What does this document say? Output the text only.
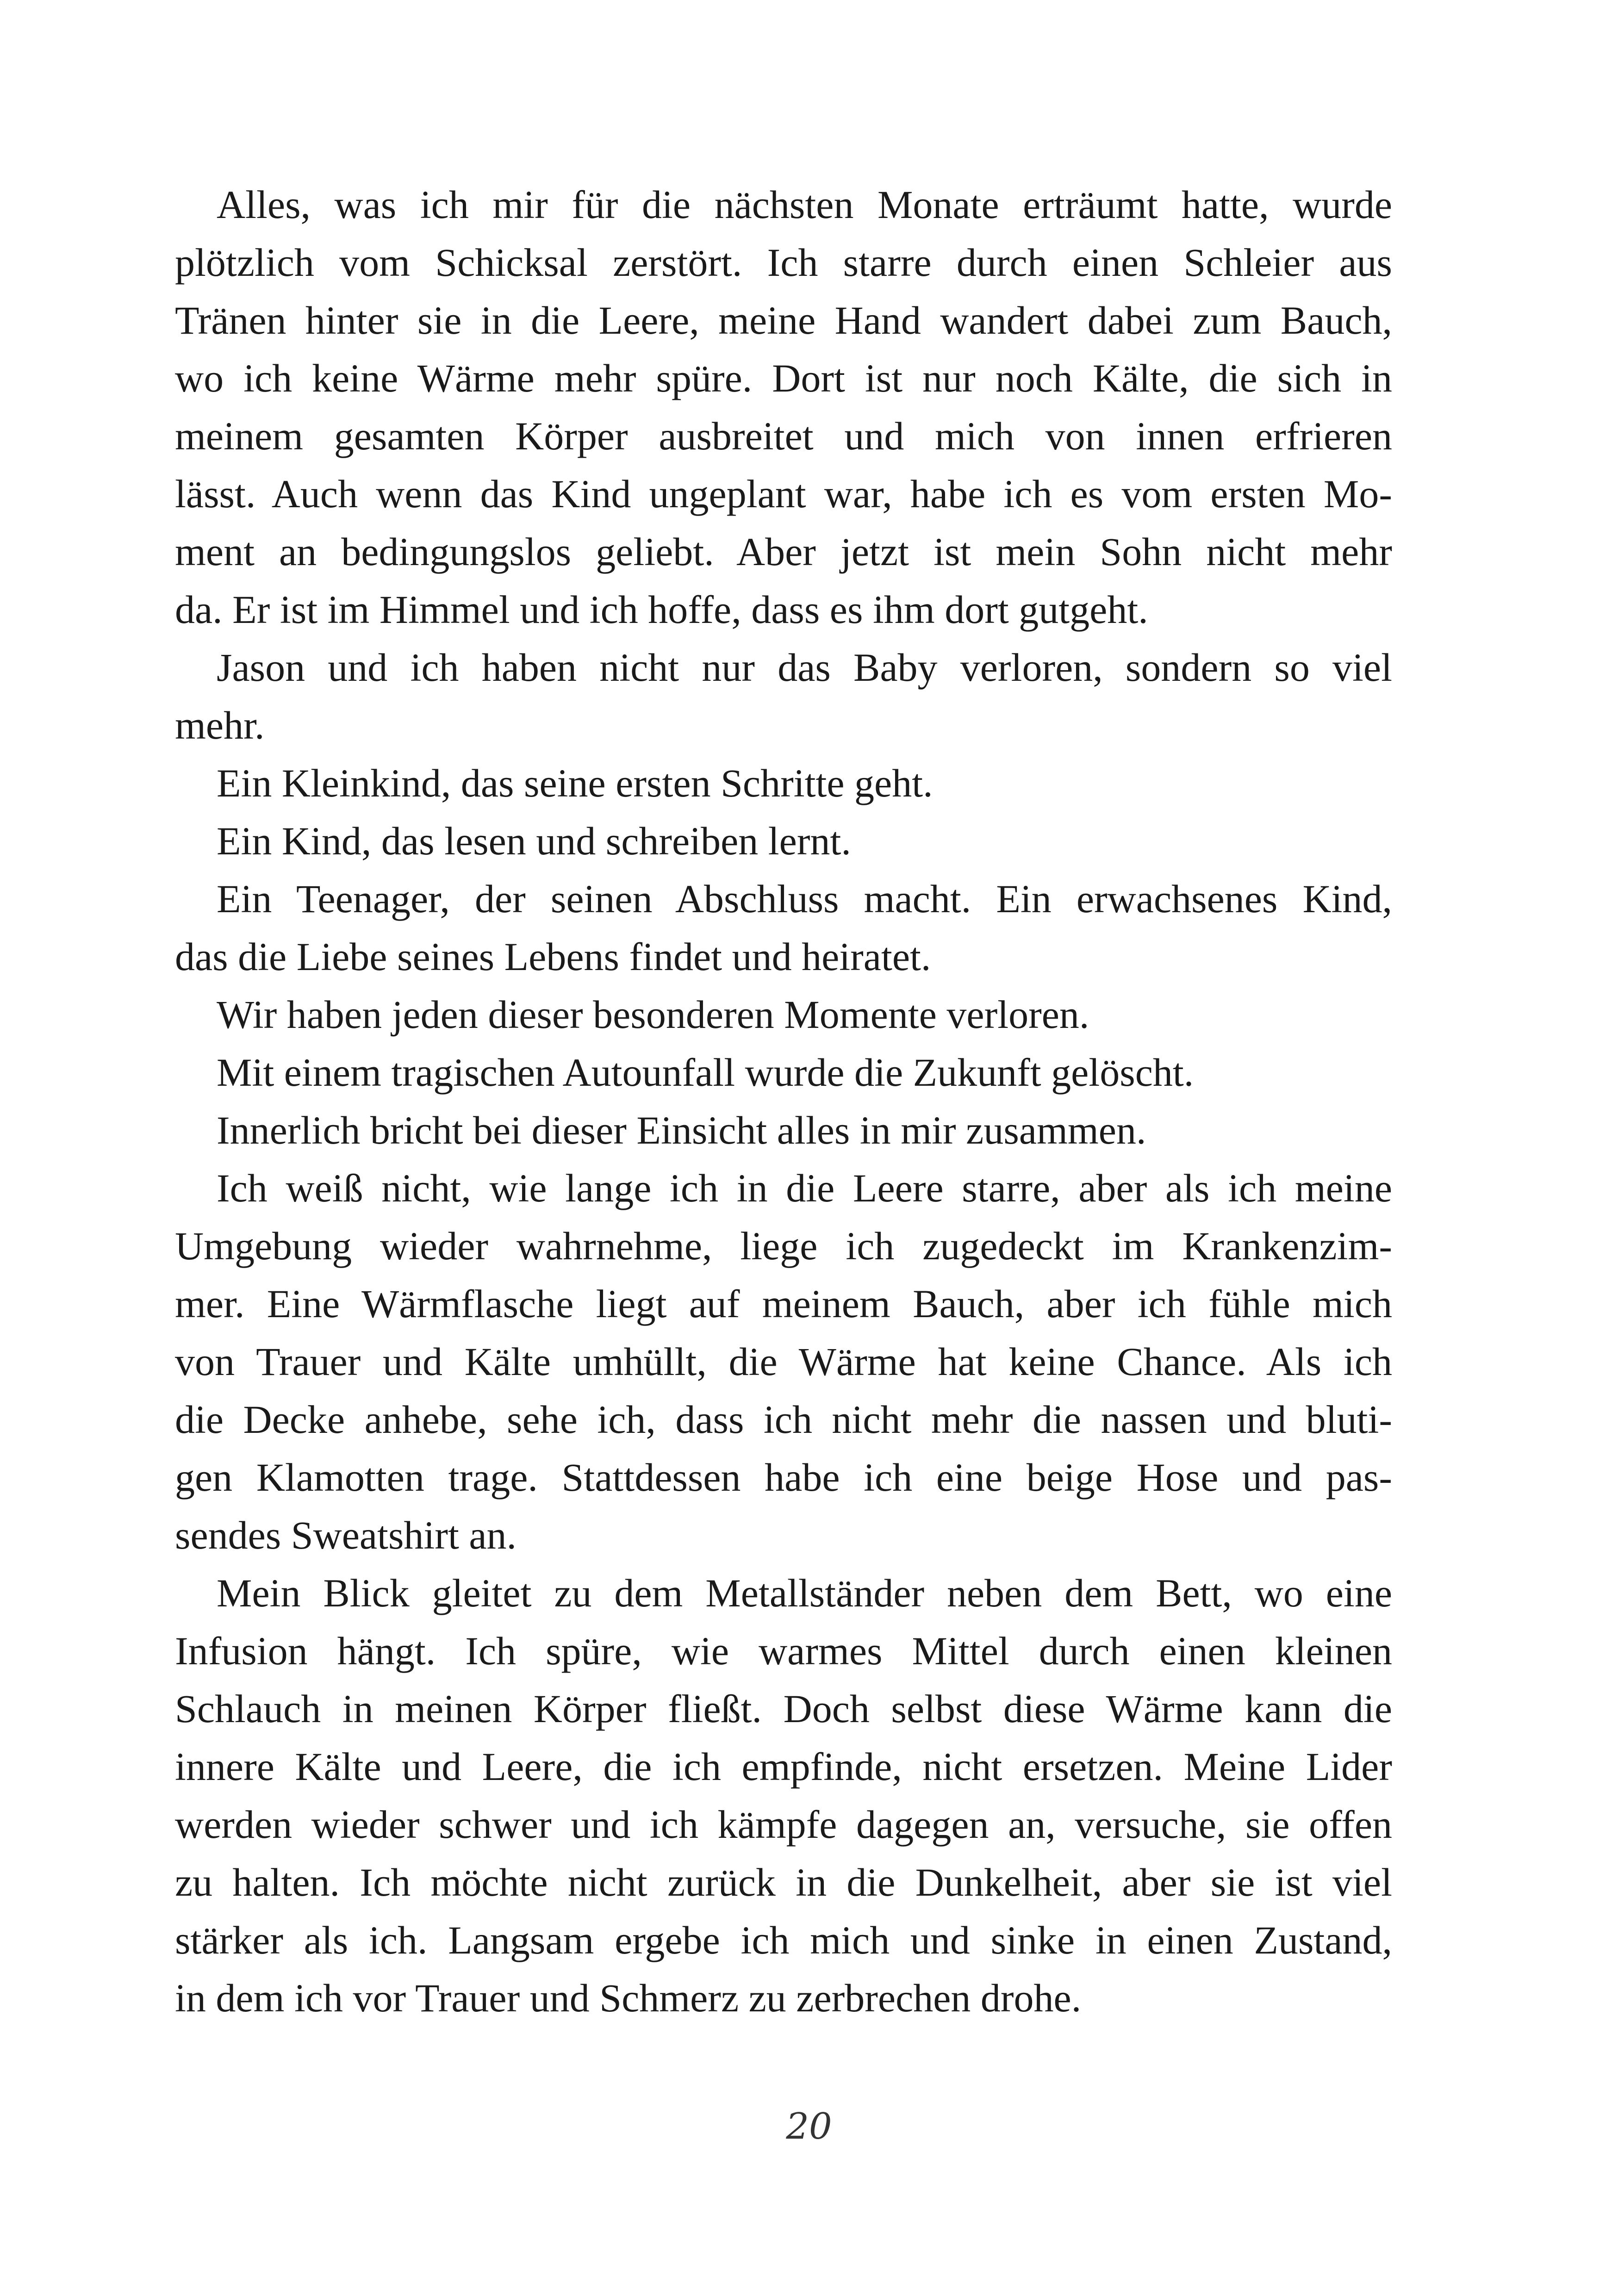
Alles, was ich mir für die nächsten Monate erträumt hatte, wurde
plötzlich vom Schicksal zerstört. Ich starre durch einen Schleier aus
Tränen hinter sie in die Leere, meine Hand wandert dabei zum Bauch,
wo ich keine Wärme mehr spüre. Dort ist nur noch Kälte, die sich in
meinem gesamten Körper ausbreitet und mich von innen erfrieren
lässt. Auch wenn das Kind ungeplant war, habe ich es vom ersten Mo-
ment an bedingungslos geliebt. Aber jetzt ist mein Sohn nicht mehr
da. Er ist im Himmel und ich hoffe, dass es ihm dort gutgeht.
Jason und ich haben nicht nur das Baby verloren, sondern so viel
mehr.
Ein Kleinkind, das seine ersten Schritte geht.
Ein Kind, das lesen und schreiben lernt.
Ein Teenager, der seinen Abschluss macht. Ein erwachsenes Kind,
das die Liebe seines Lebens findet und heiratet.
Wir haben jeden dieser besonderen Momente verloren.
Mit einem tragischen Autounfall wurde die Zukunft gelöscht.
Innerlich bricht bei dieser Einsicht alles in mir zusammen.
Ich weiß nicht, wie lange ich in die Leere starre, aber als ich meine
Umgebung wieder wahrnehme, liege ich zugedeckt im Krankenzim-
mer. Eine Wärmflasche liegt auf meinem Bauch, aber ich fühle mich
von Trauer und Kälte umhüllt, die Wärme hat keine Chance. Als ich
die Decke anhebe, sehe ich, dass ich nicht mehr die nassen und bluti-
gen Klamotten trage. Stattdessen habe ich eine beige Hose und pas-
sendes Sweatshirt an.
Mein Blick gleitet zu dem Metallständer neben dem Bett, wo eine
Infusion hängt. Ich spüre, wie warmes Mittel durch einen kleinen
Schlauch in meinen Körper fließt. Doch selbst diese Wärme kann die
innere Kälte und Leere, die ich empfinde, nicht ersetzen. Meine Lider
werden wieder schwer und ich kämpfe dagegen an, versuche, sie offen
zu halten. Ich möchte nicht zurück in die Dunkelheit, aber sie ist viel
stärker als ich. Langsam ergebe ich mich und sinke in einen Zustand,
in dem ich vor Trauer und Schmerz zu zerbrechen drohe.
20
